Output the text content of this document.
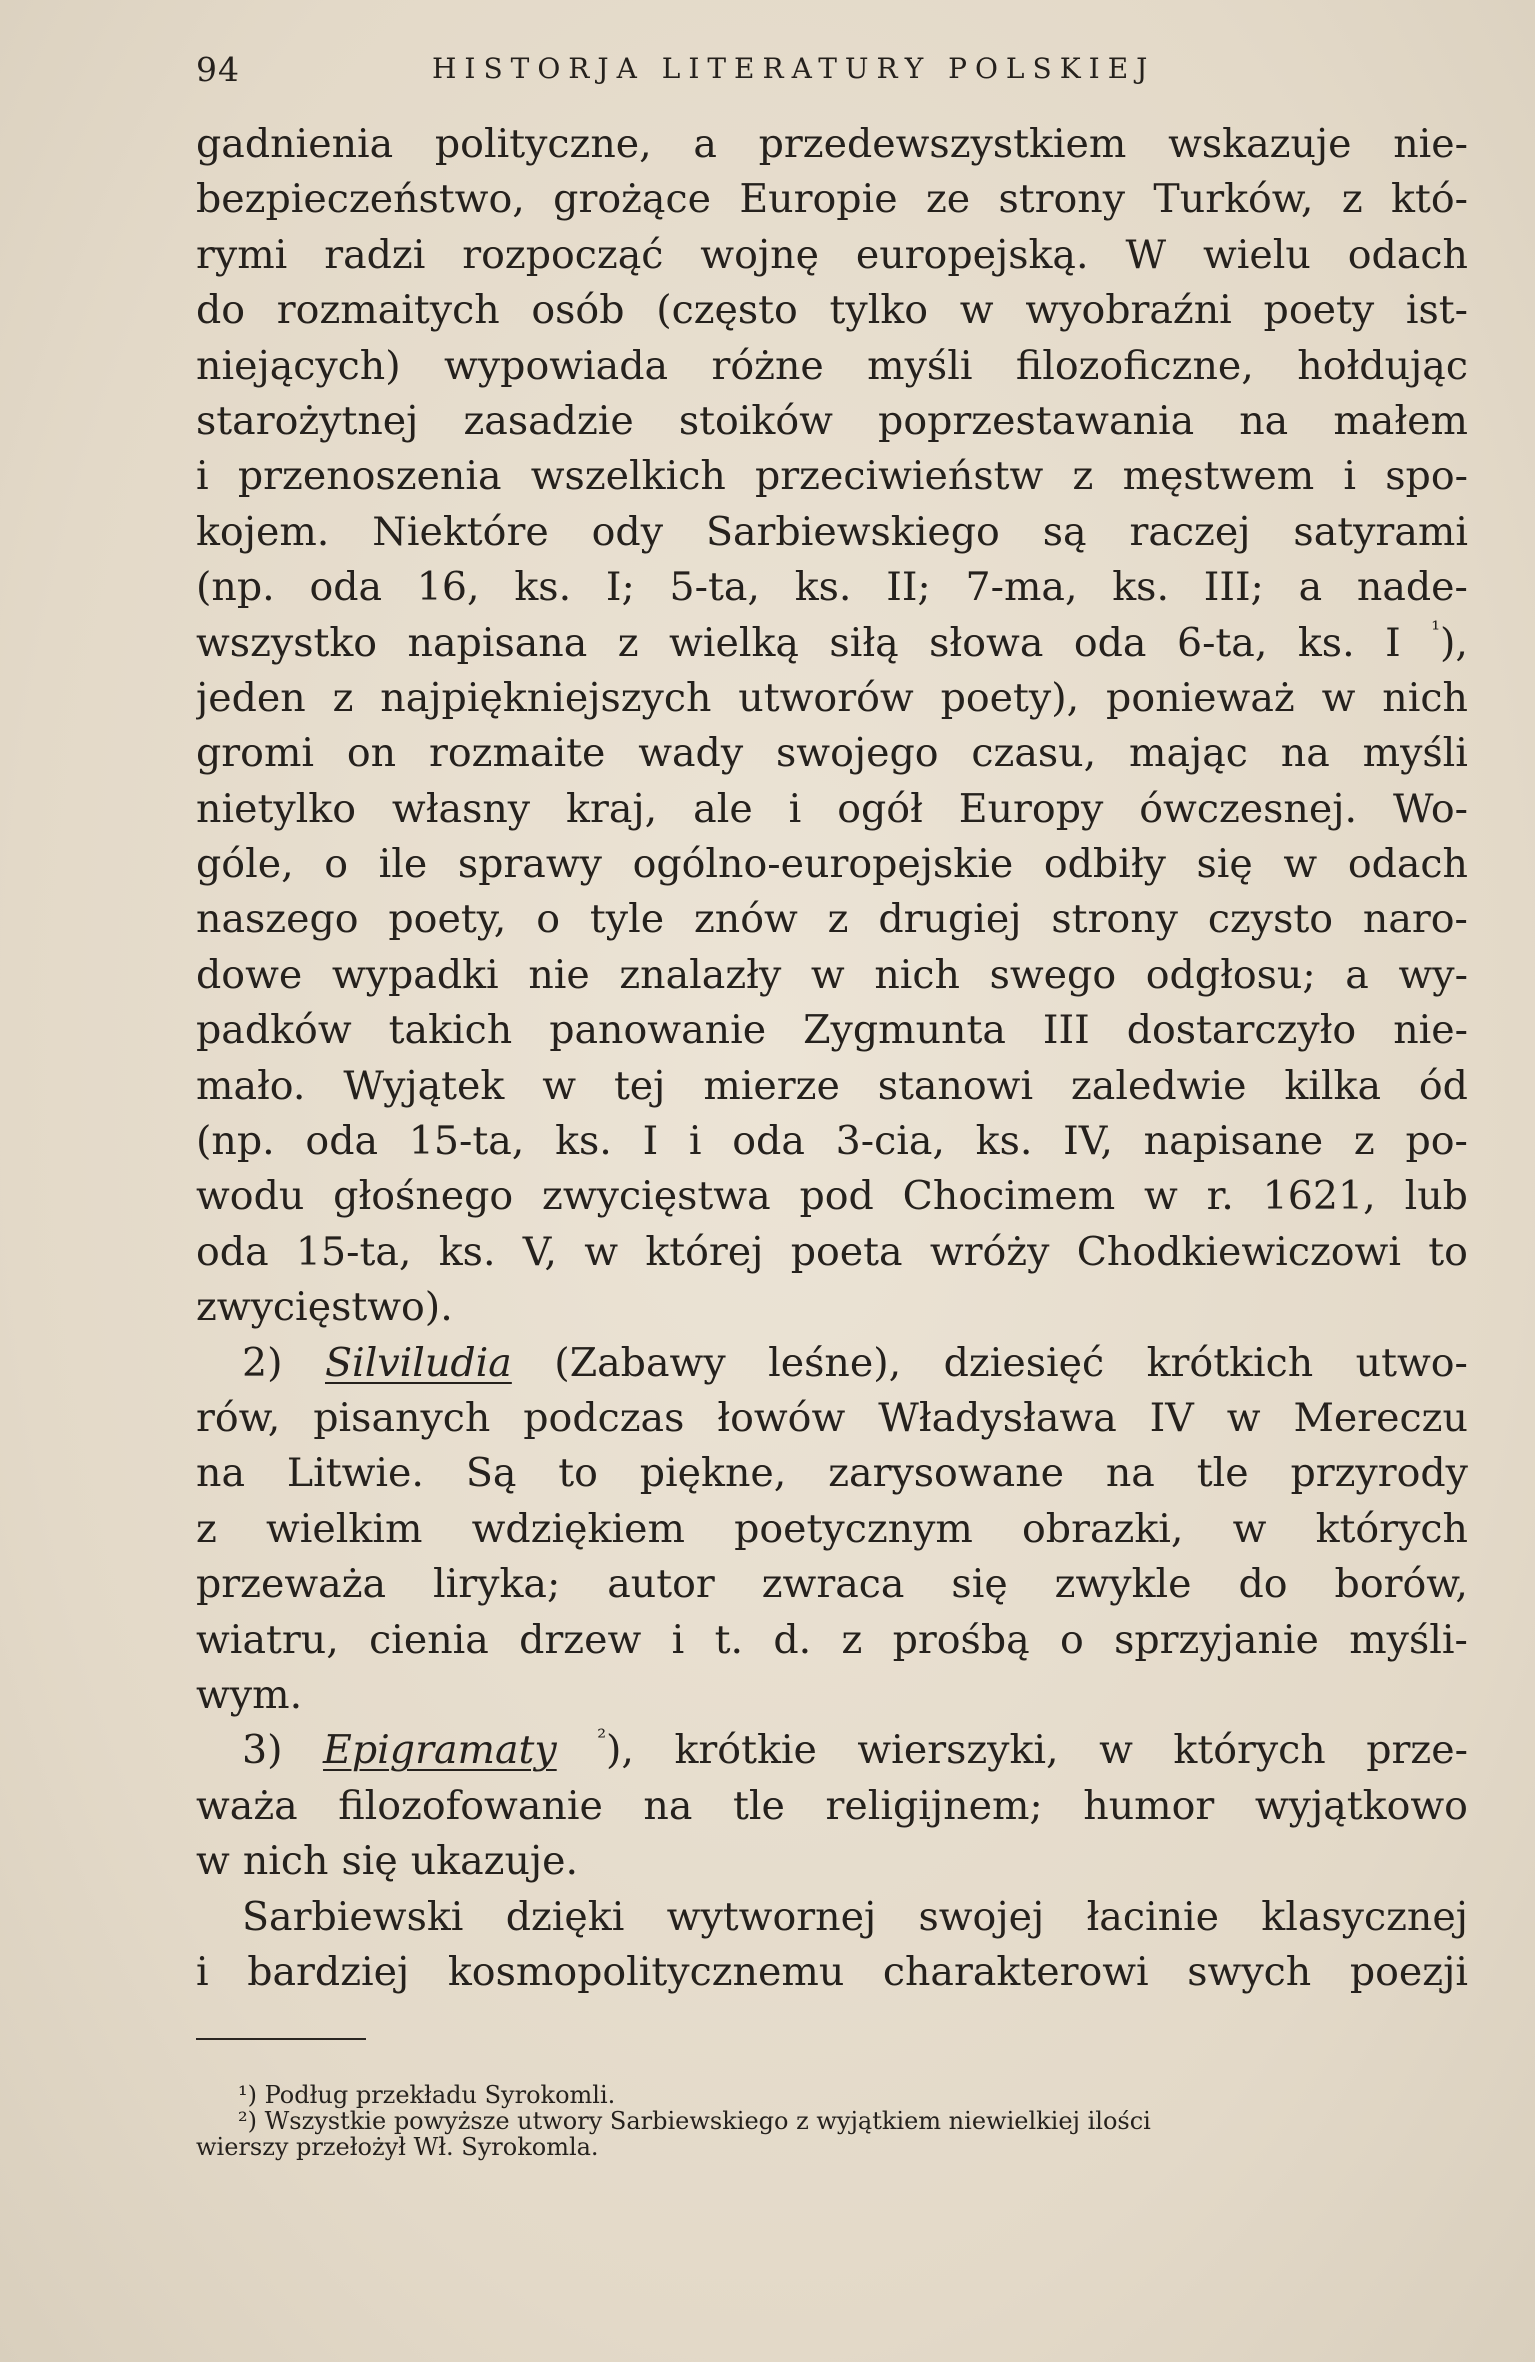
94	HISTORJA LITERATURY POLSKIEJ
gadnienia polityczne, a przedewszystkiem wskazuje nie-
bezpieczeństwo, grożące Europie ze strony Turków, z któ-
rymi radzi rozpocząć wojnę europejską. W wielu odach
do rozmaitych osób (często tylko w wyobraźni poety ist-
niejących) wypowiada różne myśli filozoficzne, hołdując
starożytnej zasadzie stoików poprzestawania na małem
i przenoszenia wszelkich przeciwieństw z męstwem i spo-
kojem. Niektóre ody Sarbiewskiego są raczej satyrami
(np. oda 16, ks. I; 5-ta, ks. II; 7-ma, ks. III; a nade-
wszystko napisana z wielką siłą słowa oda 6-ta, ks. I $^{^1}$),
jeden z najpiękniejszych utworów poety), ponieważ w nich
gromi on rozmaite wady swojego czasu, mając na myśli
nietylko własny kraj, ale i ogół Europy ówczesnej. Wo-
góle, o ile sprawy ogólno-europejskie odbiły się w odach
naszego poety, o tyle znów z drugiej strony czysto naro-
dowe wypadki nie znalazły w nich swego odgłosu; a wy-
padków takich panowanie Zygmunta III dostarczyło nie-
mało. Wyjątek w tej mierze stanowi zaledwie kilka ód
(np. oda 15-ta, ks. I i oda 3-cia, ks. IV, napisane z po-
wodu głośnego zwycięstwa pod Chocimem w r. 1621, lub
oda 15-ta, ks. V, w której poeta wróży Chodkiewiczowi to
zwycięstwo).
2) Silviludia (Zabawy leśne), dziesięć krótkich utwo-
rów, pisanych podczas łowów Władysława IV w Mereczu
na Litwie. Są to piękne, zarysowane na tle przyrody
z wielkim wdziękiem poetycznym obrazki, w których
przeważa liryka; autor zwraca się zwykle do borów,
wiatru, cienia drzew i t. d. z prośbą o sprzyjanie myśli-
wym.
3) Epigramaty $^{^2}$), krótkie wierszyki, w których prze-
waża filozofowanie na tle religijnem; humor wyjątkowo
w nich się ukazuje.
Sarbiewski dzięki wytwornej swojej łacinie klasycznej
i bardziej kosmopolitycznemu charakterowi swych poezji
¹) Podług przekładu Syrokomli.
²) Wszystkie powyższe utwory Sarbiewskiego z wyjątkiem niewielkiej ilości
wierszy przełożył Wł. Syrokomla.
